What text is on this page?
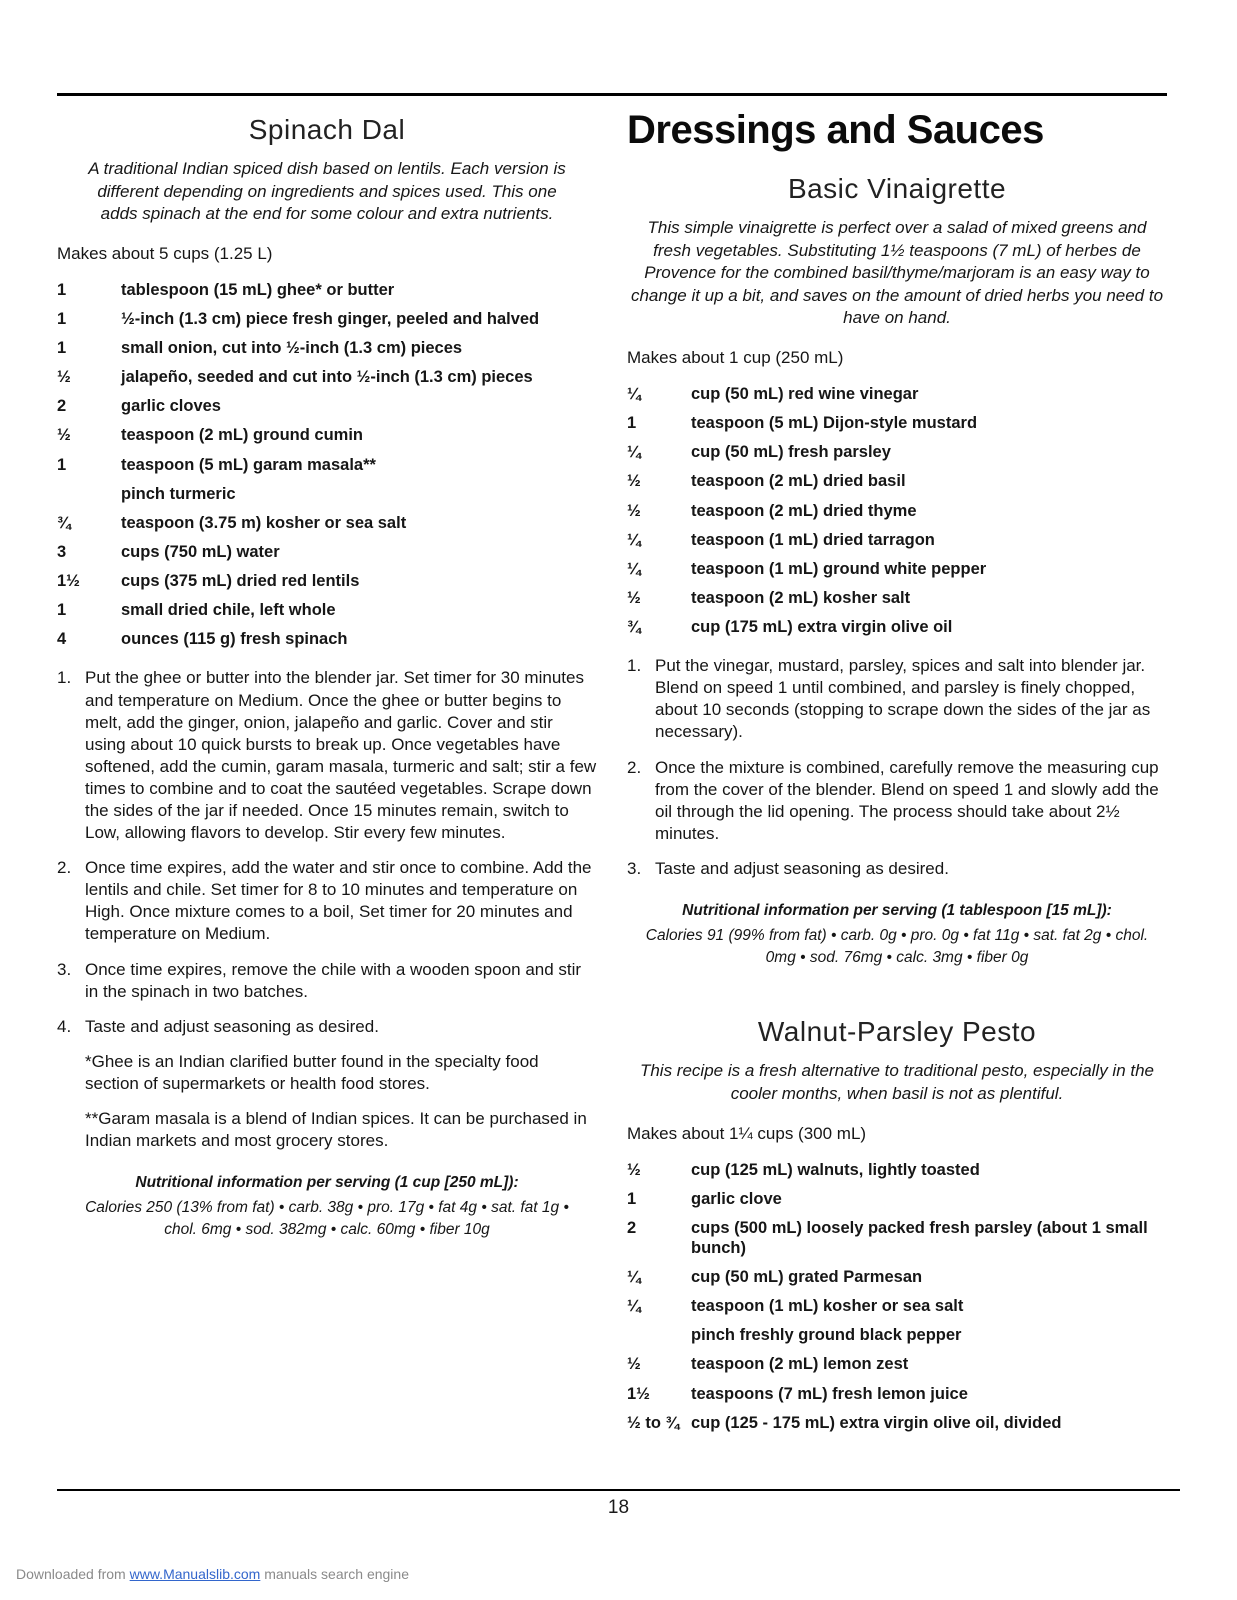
Spinach Dal

A traditional Indian spiced dish based on lentils. Each version is different depending on ingredients and spices used. This one adds spinach at the end for some colour and extra nutrients.

Makes about 5 cups (1.25 L)

1	tablespoon (15 mL) ghee* or butter
1	½-inch (1.3 cm) piece fresh ginger, peeled and halved
1	small onion, cut into ½-inch (1.3 cm) pieces
½	jalapeño, seeded and cut into ½-inch (1.3 cm) pieces
2	garlic cloves
½	teaspoon (2 mL) ground cumin
1	teaspoon (5 mL) garam masala**
pinch turmeric
¾	teaspoon (3.75 m) kosher or sea salt
3	cups (750 mL) water
1½	cups (375 mL) dried red lentils
1	small dried chile, left whole
4	ounces (115 g) fresh spinach
1. Put the ghee or butter into the blender jar. Set timer for 30 minutes and temperature on Medium. Once the ghee or butter begins to melt, add the ginger, onion, jalapeño and garlic. Cover and stir using about 10 quick bursts to break up. Once vegetables have softened, add the cumin, garam masala, turmeric and salt; stir a few times to combine and to coat the sautéed vegetables. Scrape down the sides of the jar if needed. Once 15 minutes remain, switch to Low, allowing flavors to develop. Stir every few minutes.
2. Once time expires, add the water and stir once to combine. Add the lentils and chile. Set timer for 8 to 10 minutes and temperature on High. Once mixture comes to a boil, Set timer for 20 minutes and temperature on Medium.
3. Once time expires, remove the chile with a wooden spoon and stir in the spinach in two batches.
4. Taste and adjust seasoning as desired.

*Ghee is an Indian clarified butter found in the specialty food section of supermarkets or health food stores.

**Garam masala is a blend of Indian spices. It can be purchased in Indian markets and most grocery stores.

Nutritional information per serving (1 cup [250 mL]):

Calories 250 (13% from fat) • carb. 38g • pro. 17g • fat 4g • sat. fat 1g • chol. 6mg • sod. 382mg • calc. 60mg • fiber 10g

Dressings and Sauces
Basic Vinaigrette

This simple vinaigrette is perfect over a salad of mixed greens and fresh vegetables. Substituting 1½ teaspoons (7 mL) of herbes de Provence for the combined basil/thyme/marjoram is an easy way to change it up a bit, and saves on the amount of dried herbs you need to have on hand.

Makes about 1 cup (250 mL)

¼	cup (50 mL) red wine vinegar
1	teaspoon (5 mL) Dijon-style mustard
¼	cup (50 mL) fresh parsley
½	teaspoon (2 mL) dried basil
½	teaspoon (2 mL) dried thyme
¼	teaspoon (1 mL) dried tarragon
¼	teaspoon (1 mL) ground white pepper
½	teaspoon (2 mL) kosher salt
¾	cup (175 mL) extra virgin olive oil
1. Put the vinegar, mustard, parsley, spices and salt into blender jar. Blend on speed 1 until combined, and parsley is finely chopped, about 10 seconds (stopping to scrape down the sides of the jar as necessary).
2. Once the mixture is combined, carefully remove the measuring cup from the cover of the blender. Blend on speed 1 and slowly add the oil through the lid opening. The process should take about 2½ minutes.
3. Taste and adjust seasoning as desired.

Nutritional information per serving (1 tablespoon [15 mL]):

Calories 91 (99% from fat) • carb. 0g • pro. 0g • fat 11g • sat. fat 2g • chol. 0mg • sod. 76mg • calc. 3mg • fiber 0g

Walnut-Parsley Pesto

This recipe is a fresh alternative to traditional pesto, especially in the cooler months, when basil is not as plentiful.

Makes about 1¼ cups (300 mL)

½	cup (125 mL) walnuts, lightly toasted
1	garlic clove
2	cups (500 mL) loosely packed fresh parsley (about 1 small bunch)
¼	cup (50 mL) grated Parmesan
¼	teaspoon (1 mL) kosher or sea salt
pinch freshly ground black pepper
½	teaspoon (2 mL) lemon zest
1½	teaspoons (7 mL) fresh lemon juice
½ to ¾ cup (125 - 175 mL) extra virgin olive oil, divided
18
Downloaded from www.Manualslib.com manuals search engine
